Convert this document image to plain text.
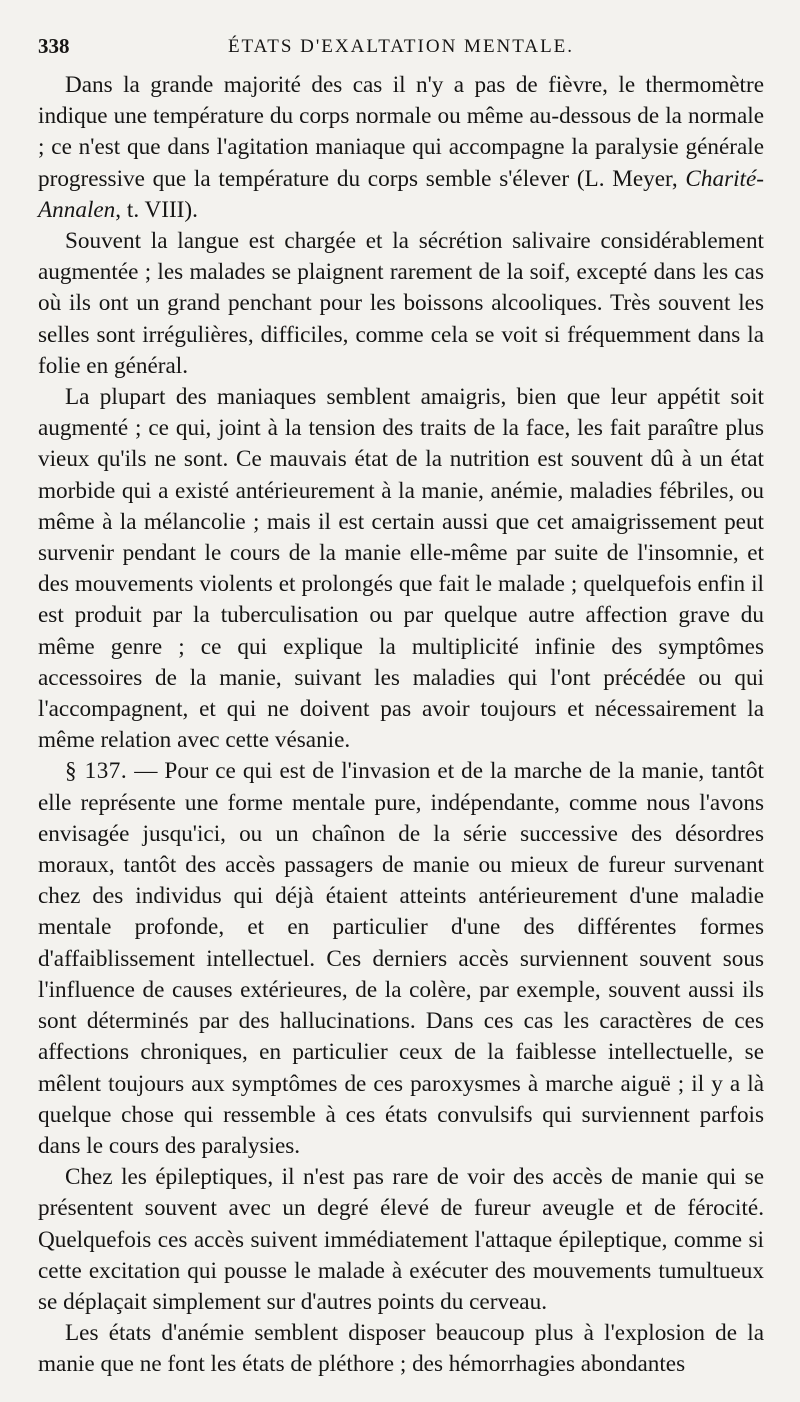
338	ÉTATS D'EXALTATION MENTALE.

Dans la grande majorité des cas il n'y a pas de fièvre, le thermomètre indique une température du corps normale ou même au-dessous de la normale ; ce n'est que dans l'agitation maniaque qui accompagne la paralysie générale progressive que la température du corps semble s'élever (L. Meyer, Charité-Annalen, t. VIII).

Souvent la langue est chargée et la sécrétion salivaire considérablement augmentée ; les malades se plaignent rarement de la soif, excepté dans les cas où ils ont un grand penchant pour les boissons alcooliques. Très souvent les selles sont irrégulières, difficiles, comme cela se voit si fréquemment dans la folie en général.

La plupart des maniaques semblent amaigris, bien que leur appétit soit augmenté ; ce qui, joint à la tension des traits de la face, les fait paraître plus vieux qu'ils ne sont. Ce mauvais état de la nutrition est souvent dû à un état morbide qui a existé antérieurement à la manie, anémie, maladies fébriles, ou même à la mélancolie ; mais il est certain aussi que cet amaigrissement peut survenir pendant le cours de la manie elle-même par suite de l'insomnie, et des mouvements violents et prolongés que fait le malade ; quelquefois enfin il est produit par la tuberculisation ou par quelque autre affection grave du même genre ; ce qui explique la multiplicité infinie des symptômes accessoires de la manie, suivant les maladies qui l'ont précédée ou qui l'accompagnent, et qui ne doivent pas avoir toujours et nécessairement la même relation avec cette vésanie.

§ 137. — Pour ce qui est de l'invasion et de la marche de la manie, tantôt elle représente une forme mentale pure, indépendante, comme nous l'avons envisagée jusqu'ici, ou un chaînon de la série successive des désordres moraux, tantôt des accès passagers de manie ou mieux de fureur survenant chez des individus qui déjà étaient atteints antérieurement d'une maladie mentale profonde, et en particulier d'une des différentes formes d'affaiblissement intellectuel. Ces derniers accès surviennent souvent sous l'influence de causes extérieures, de la colère, par exemple, souvent aussi ils sont déterminés par des hallucinations. Dans ces cas les caractères de ces affections chroniques, en particulier ceux de la faiblesse intellectuelle, se mêlent toujours aux symptômes de ces paroxysmes à marche aiguë ; il y a là quelque chose qui ressemble à ces états convulsifs qui surviennent parfois dans le cours des paralysies.

Chez les épileptiques, il n'est pas rare de voir des accès de manie qui se présentent souvent avec un degré élevé de fureur aveugle et de férocité. Quelquefois ces accès suivent immédiatement l'attaque épileptique, comme si cette excitation qui pousse le malade à exécuter des mouvements tumultueux se déplaçait simplement sur d'autres points du cerveau.

Les états d'anémie semblent disposer beaucoup plus à l'explosion de la manie que ne font les états de pléthore ; des hémorrhagies abondantes
